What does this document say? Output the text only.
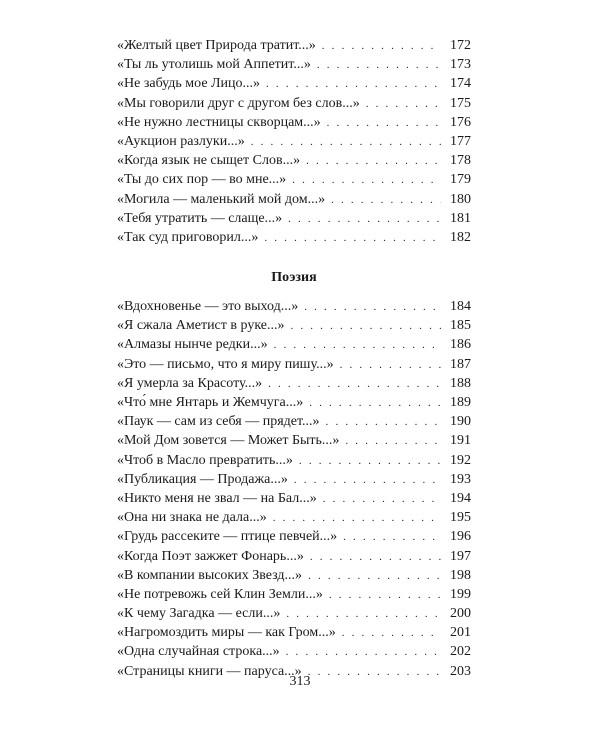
«Желтый цвет Природа тратит...» . . .	172
«Ты ль утолишь мой Аппетит...» . . .	173
«Не забудь мое Лицо...» . . .	174
«Мы говорили друг с другом без слов...» . . .	175
«Не нужно лестницы скворцам...» . . .	176
«Аукцион разлуки...» . . .	177
«Когда язык не сыщет Слов...» . . .	178
«Ты до сих пор — во мне...» . . .	179
«Могила — маленький мой дом...» . . .	180
«Тебя утратить — слаще...» . . .	181
«Так суд приговорил...» . . .	182
Поэзия
«Вдохновенье — это выход...» . . .	184
«Я сжала Аметист в руке...» . . .	185
«Алмазы нынче редки...» . . .	186
«Это — письмо, что я миру пишу...» . . .	187
«Я умерла за Красоту...» . . .	188
«Что́ мне Янтарь и Жемчуга...» . . .	189
«Паук — сам из себя — прядет...» . . .	190
«Мой Дом зовется — Может Быть...» . . .	191
«Чтоб в Масло превратить...» . . .	192
«Публикация — Продажа...» . . .	193
«Никто меня не звал — на Бал...» . . .	194
«Она ни знака не дала...» . . .	195
«Грудь рассеките — птице певчей...» . . .	196
«Когда Поэт зажжет Фонарь...» . . .	197
«В компании высоких Звезд...» . . .	198
«Не потревожь сей Клин Земли...» . . .	199
«К чему Загадка — если...» . . .	200
«Нагромоздить миры — как Гром...» . . .	201
«Одна случайная строка...» . . .	202
«Страницы книги — паруса...» . . .	203
313
